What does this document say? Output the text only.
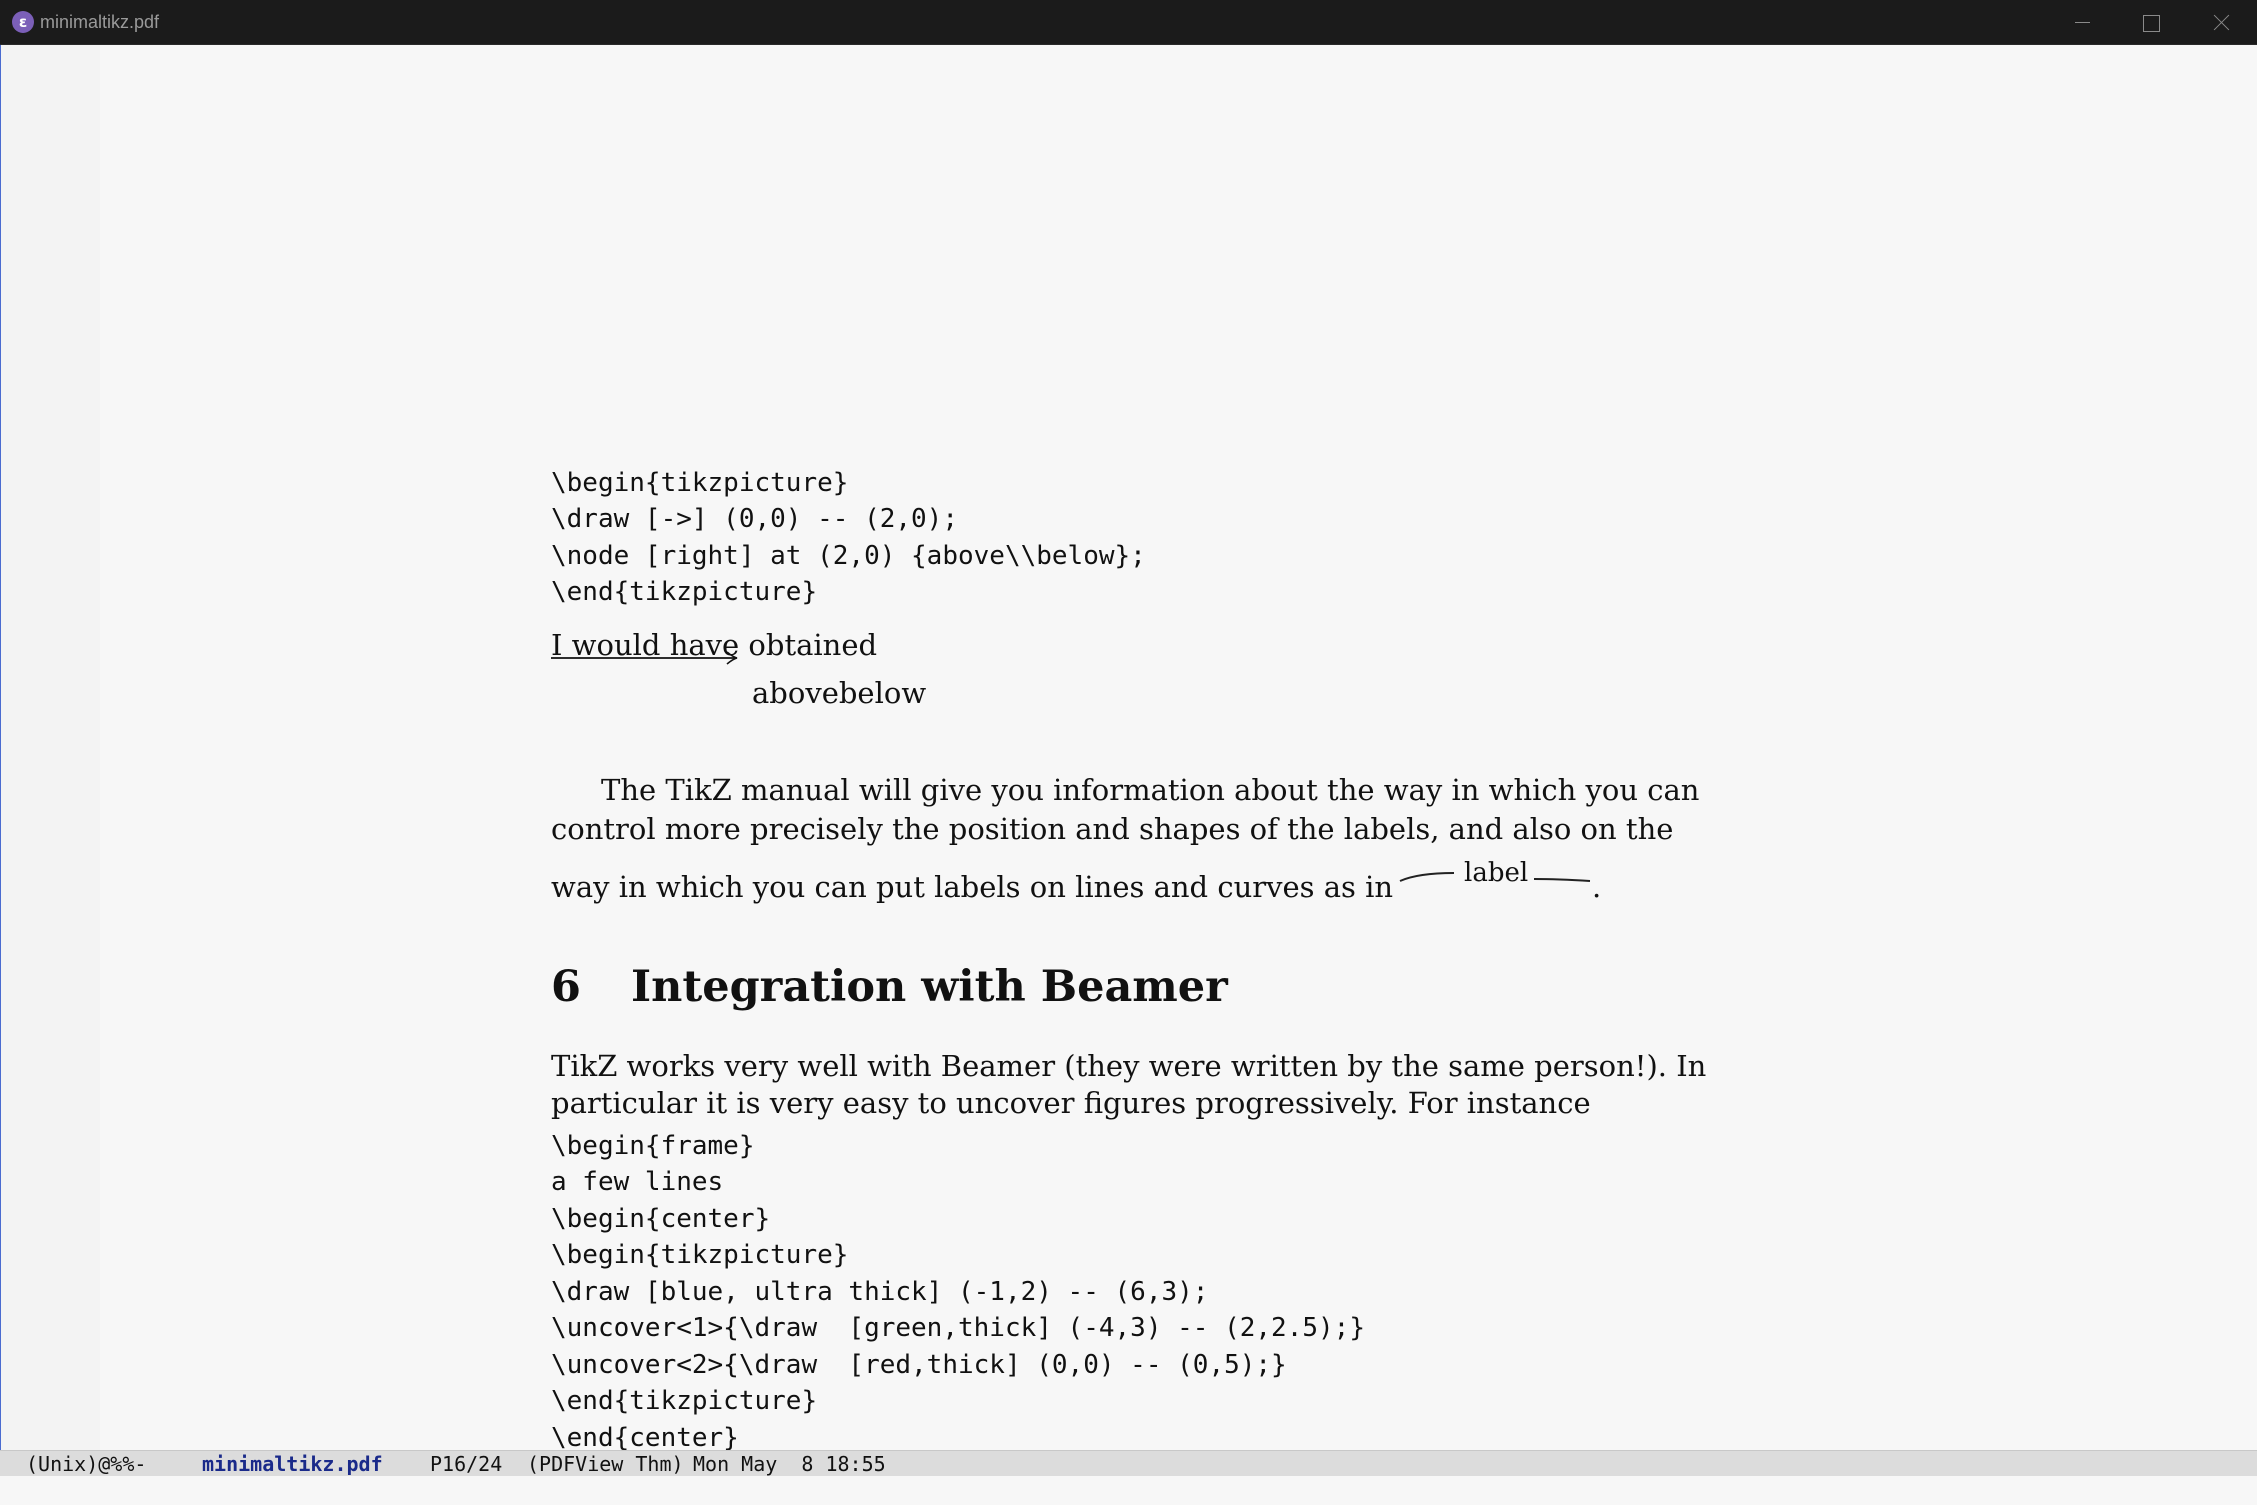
ε minimaltikz.pdf
\begin{tikzpicture}
\draw [->] (0,0) -- (2,0);
\node [right] at (2,0) {above\\below};
\end{tikzpicture}
I would have obtained
abovebelow
The TikZ manual will give you information about the way in which you can
control more precisely the position and shapes of the labels, and also on the
way in which you can put labels on lines and curves as in	label .
6 Integration with Beamer
TikZ works very well with Beamer (they were written by the same person!). In
particular it is very easy to uncover figures progressively. For instance
\begin{frame}
a few lines
\begin{center}
\begin{tikzpicture}
\draw [blue, ultra thick] (-1,2) -- (6,3);
\uncover<1>{\draw  [green,thick] (-4,3) -- (2,2.5);}
\uncover<2>{\draw  [red,thick] (0,0) -- (0,5);}
\end{tikzpicture}
\end{center}
(Unix)@%%-	minimaltikz.pdf P16/24 (PDFView Thm) Mon May  8 18:55
